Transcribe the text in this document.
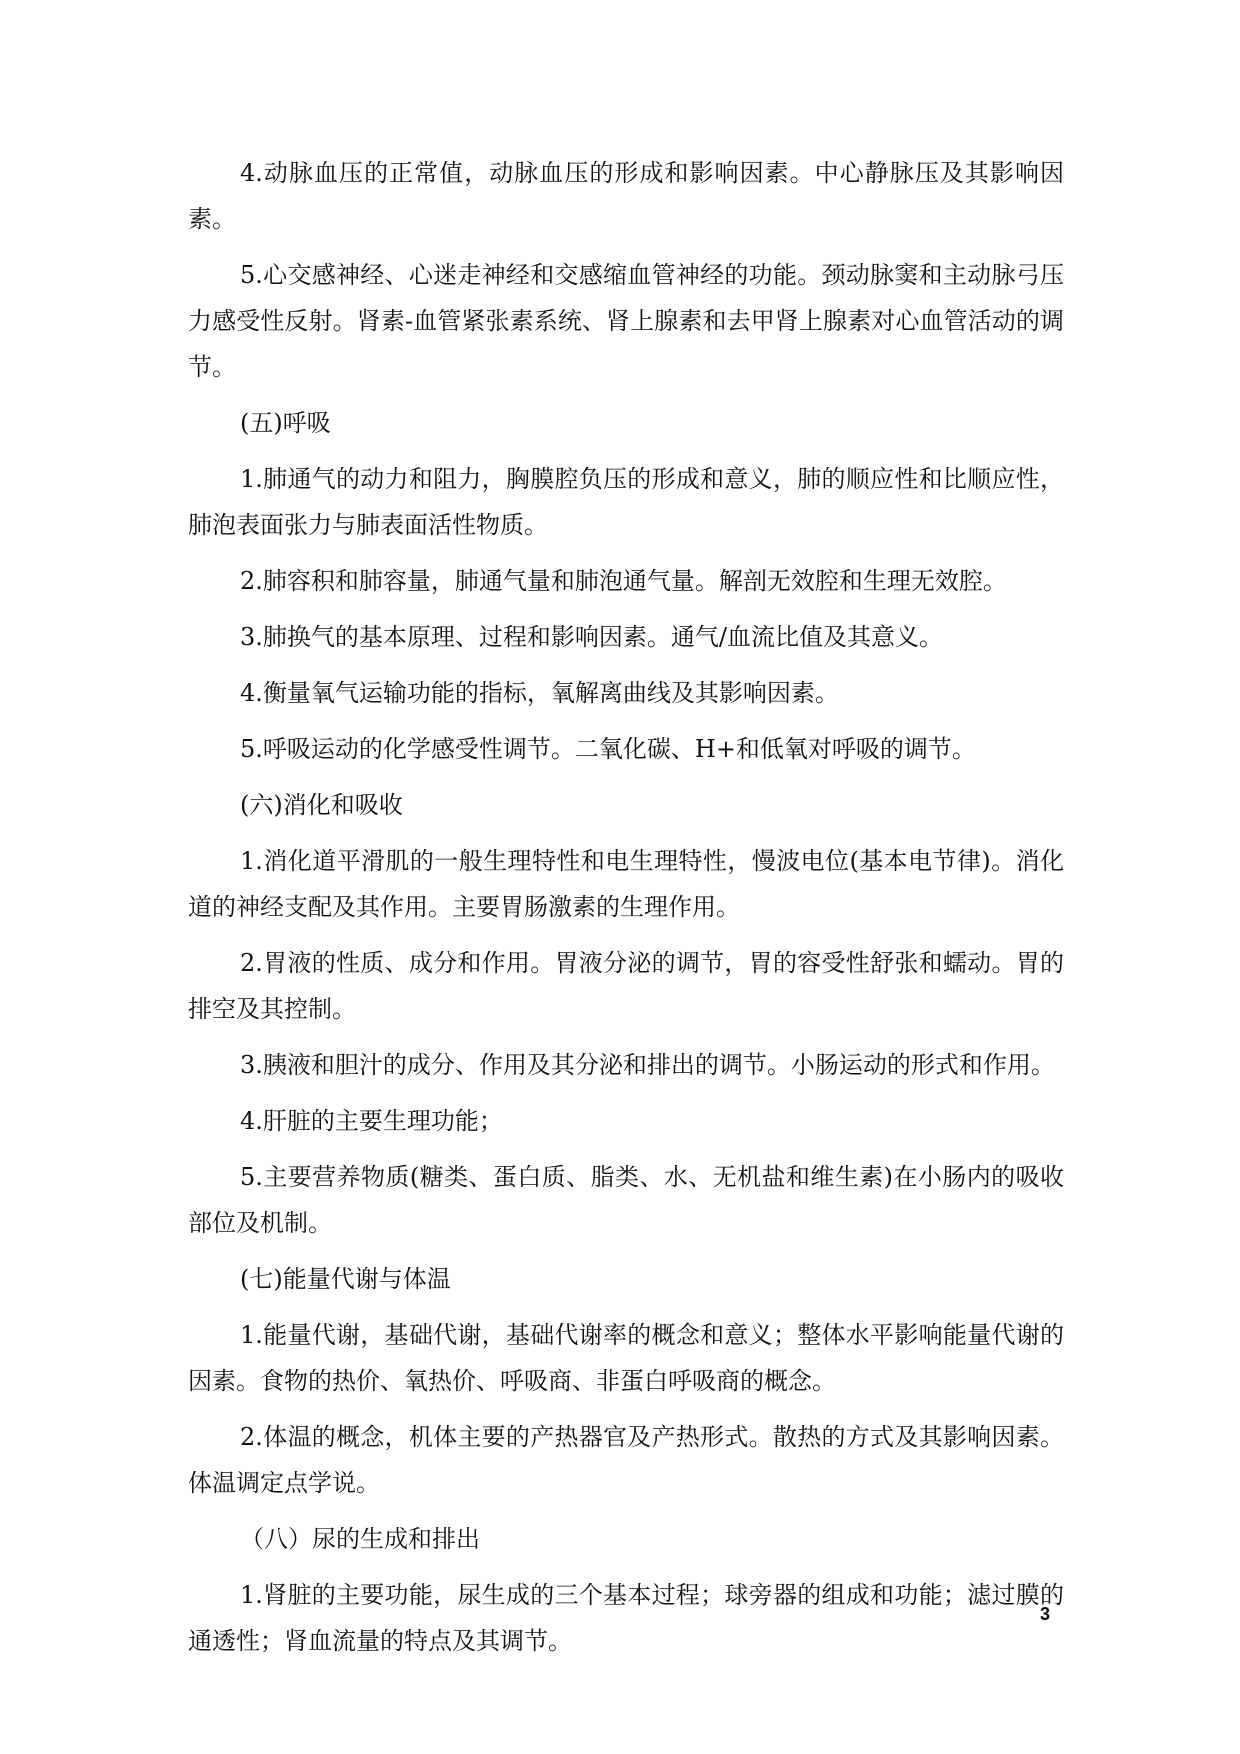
4.动脉血压的正常值，动脉血压的形成和影响因素。中心静脉压及其影响因素。

5.心交感神经、心迷走神经和交感缩血管神经的功能。颈动脉窦和主动脉弓压力感受性反射。肾素-血管紧张素系统、肾上腺素和去甲肾上腺素对心血管活动的调节。

(五)呼吸

1.肺通气的动力和阻力，胸膜腔负压的形成和意义，肺的顺应性和比顺应性，肺泡表面张力与肺表面活性物质。

2.肺容积和肺容量，肺通气量和肺泡通气量。解剖无效腔和生理无效腔。

3.肺换气的基本原理、过程和影响因素。通气/血流比值及其意义。

4.衡量氧气运输功能的指标，氧解离曲线及其影响因素。

5.呼吸运动的化学感受性调节。二氧化碳、H+和低氧对呼吸的调节。

(六)消化和吸收

1.消化道平滑肌的一般生理特性和电生理特性，慢波电位(基本电节律)。消化道的神经支配及其作用。主要胃肠激素的生理作用。

2.胃液的性质、成分和作用。胃液分泌的调节，胃的容受性舒张和蠕动。胃的排空及其控制。

3.胰液和胆汁的成分、作用及其分泌和排出的调节。小肠运动的形式和作用。

4.肝脏的主要生理功能；

5.主要营养物质(糖类、蛋白质、脂类、水、无机盐和维生素)在小肠内的吸收部位及机制。

(七)能量代谢与体温

1.能量代谢，基础代谢，基础代谢率的概念和意义；整体水平影响能量代谢的因素。食物的热价、氧热价、呼吸商、非蛋白呼吸商的概念。

2.体温的概念，机体主要的产热器官及产热形式。散热的方式及其影响因素。体温调定点学说。

（八）尿的生成和排出

1.肾脏的主要功能，尿生成的三个基本过程；球旁器的组成和功能；滤过膜的通透性；肾血流量的特点及其调节。

3
